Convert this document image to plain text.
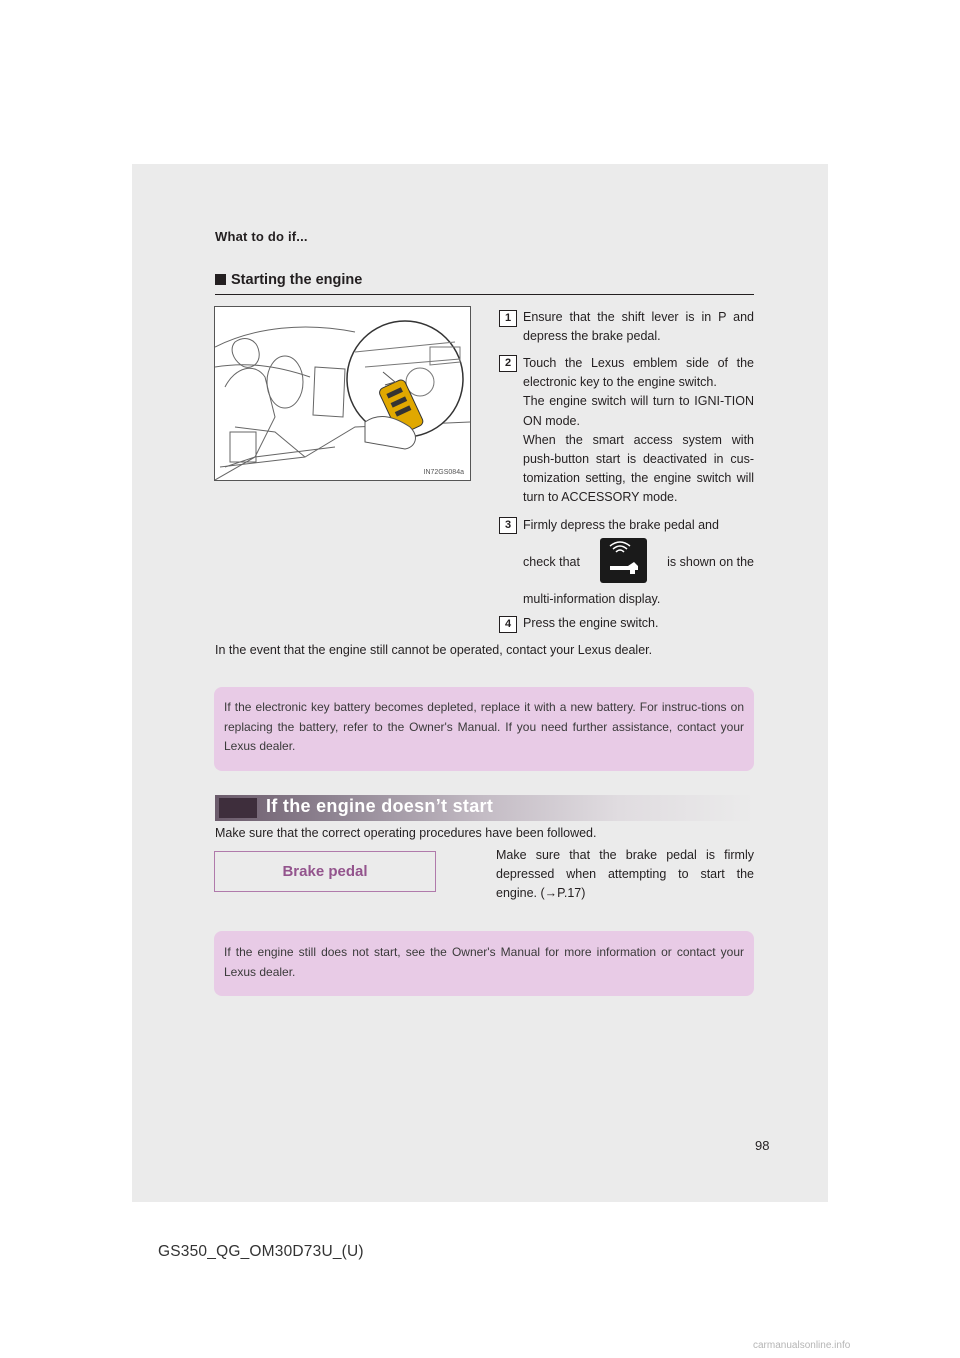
What to do if...
Starting the engine
IN72GS084a
1 Ensure that the shift lever is in P and depress the brake pedal.

2 Touch the Lexus emblem side of the electronic key to the engine switch.

The engine switch will turn to IGNI-TION ON mode.

When the smart access system with push-button start is deactivated in cus-tomization setting, the engine switch will turn to ACCESSORY mode.

3 Firmly depress the brake pedal and

check that	is shown on the

multi-information display.

4 Press the engine switch.

In the event that the engine still cannot be operated, contact your Lexus dealer.
If the electronic key battery becomes depleted, replace it with a new battery. For instruc-tions on replacing the battery, refer to the Owner's Manual. If you need further assistance, contact your Lexus dealer.
If the engine doesn’t start
Make sure that the correct operating procedures have been followed.
Brake pedal
Make sure that the brake pedal is firmly depressed when attempting to start the engine. (→P.17)
If the engine still does not start, see the Owner's Manual for more information or contact your Lexus dealer.
98
GS350_QG_OM30D73U_(U)
carmanualsonline.info
